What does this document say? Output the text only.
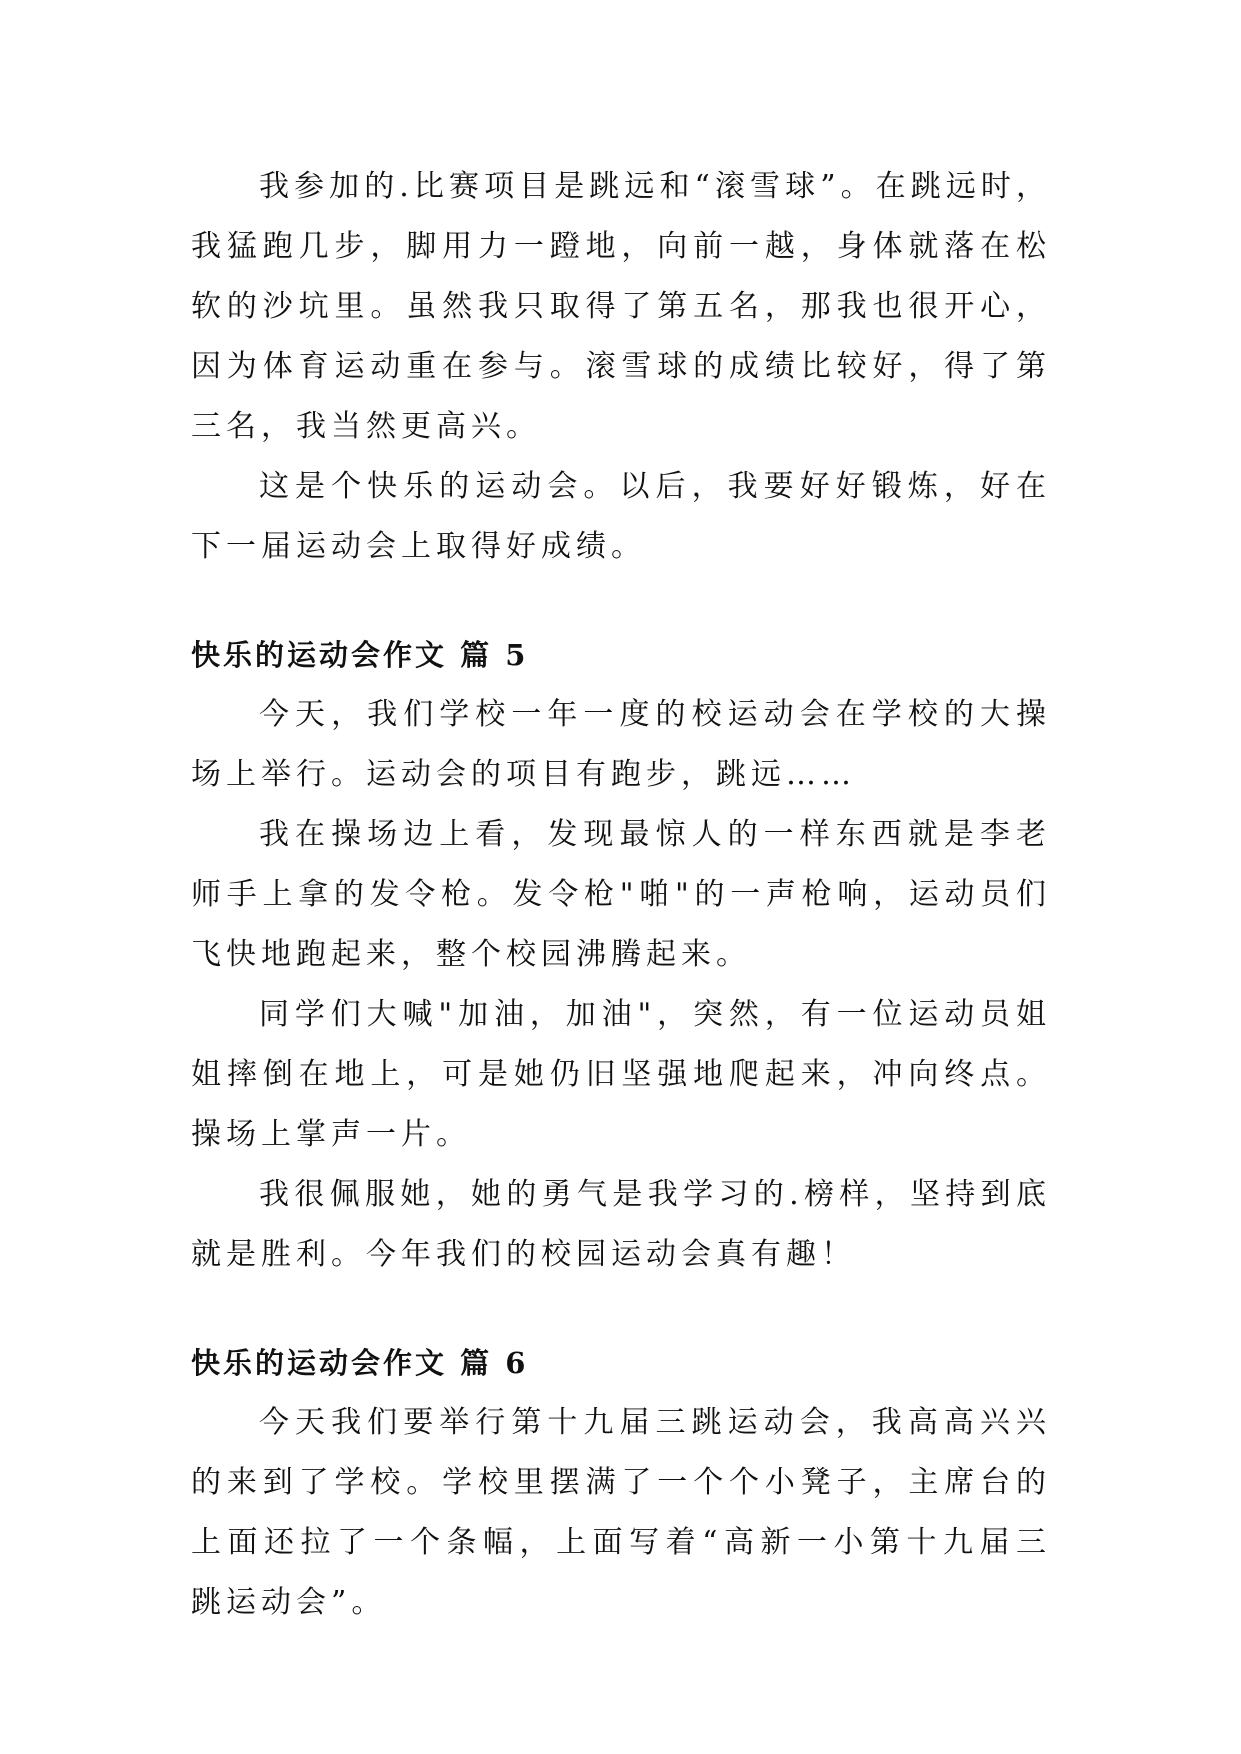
我参加的.比赛项目是跳远和“滚雪球”。在跳远时，我猛跑几步，脚用力一蹬地，向前一越，身体就落在松软的沙坑里。虽然我只取得了第五名，那我也很开心，因为体育运动重在参与。滚雪球的成绩比较好，得了第三名，我当然更高兴。

这是个快乐的运动会。以后，我要好好锻炼，好在下一届运动会上取得好成绩。

快乐的运动会作文 篇 5

今天，我们学校一年一度的校运动会在学校的大操场上举行。运动会的项目有跑步，跳远……

我在操场边上看，发现最惊人的一样东西就是李老师手上拿的发令枪。发令枪"啪"的一声枪响，运动员们飞快地跑起来，整个校园沸腾起来。

同学们大喊"加油，加油"，突然，有一位运动员姐姐摔倒在地上，可是她仍旧坚强地爬起来，冲向终点。操场上掌声一片。

我很佩服她，她的勇气是我学习的.榜样，坚持到底就是胜利。今年我们的校园运动会真有趣！

快乐的运动会作文 篇 6

今天我们要举行第十九届三跳运动会，我高高兴兴的来到了学校。学校里摆满了一个个小凳子，主席台的上面还拉了一个条幅，上面写着“高新一小第十九届三跳运动会”。
